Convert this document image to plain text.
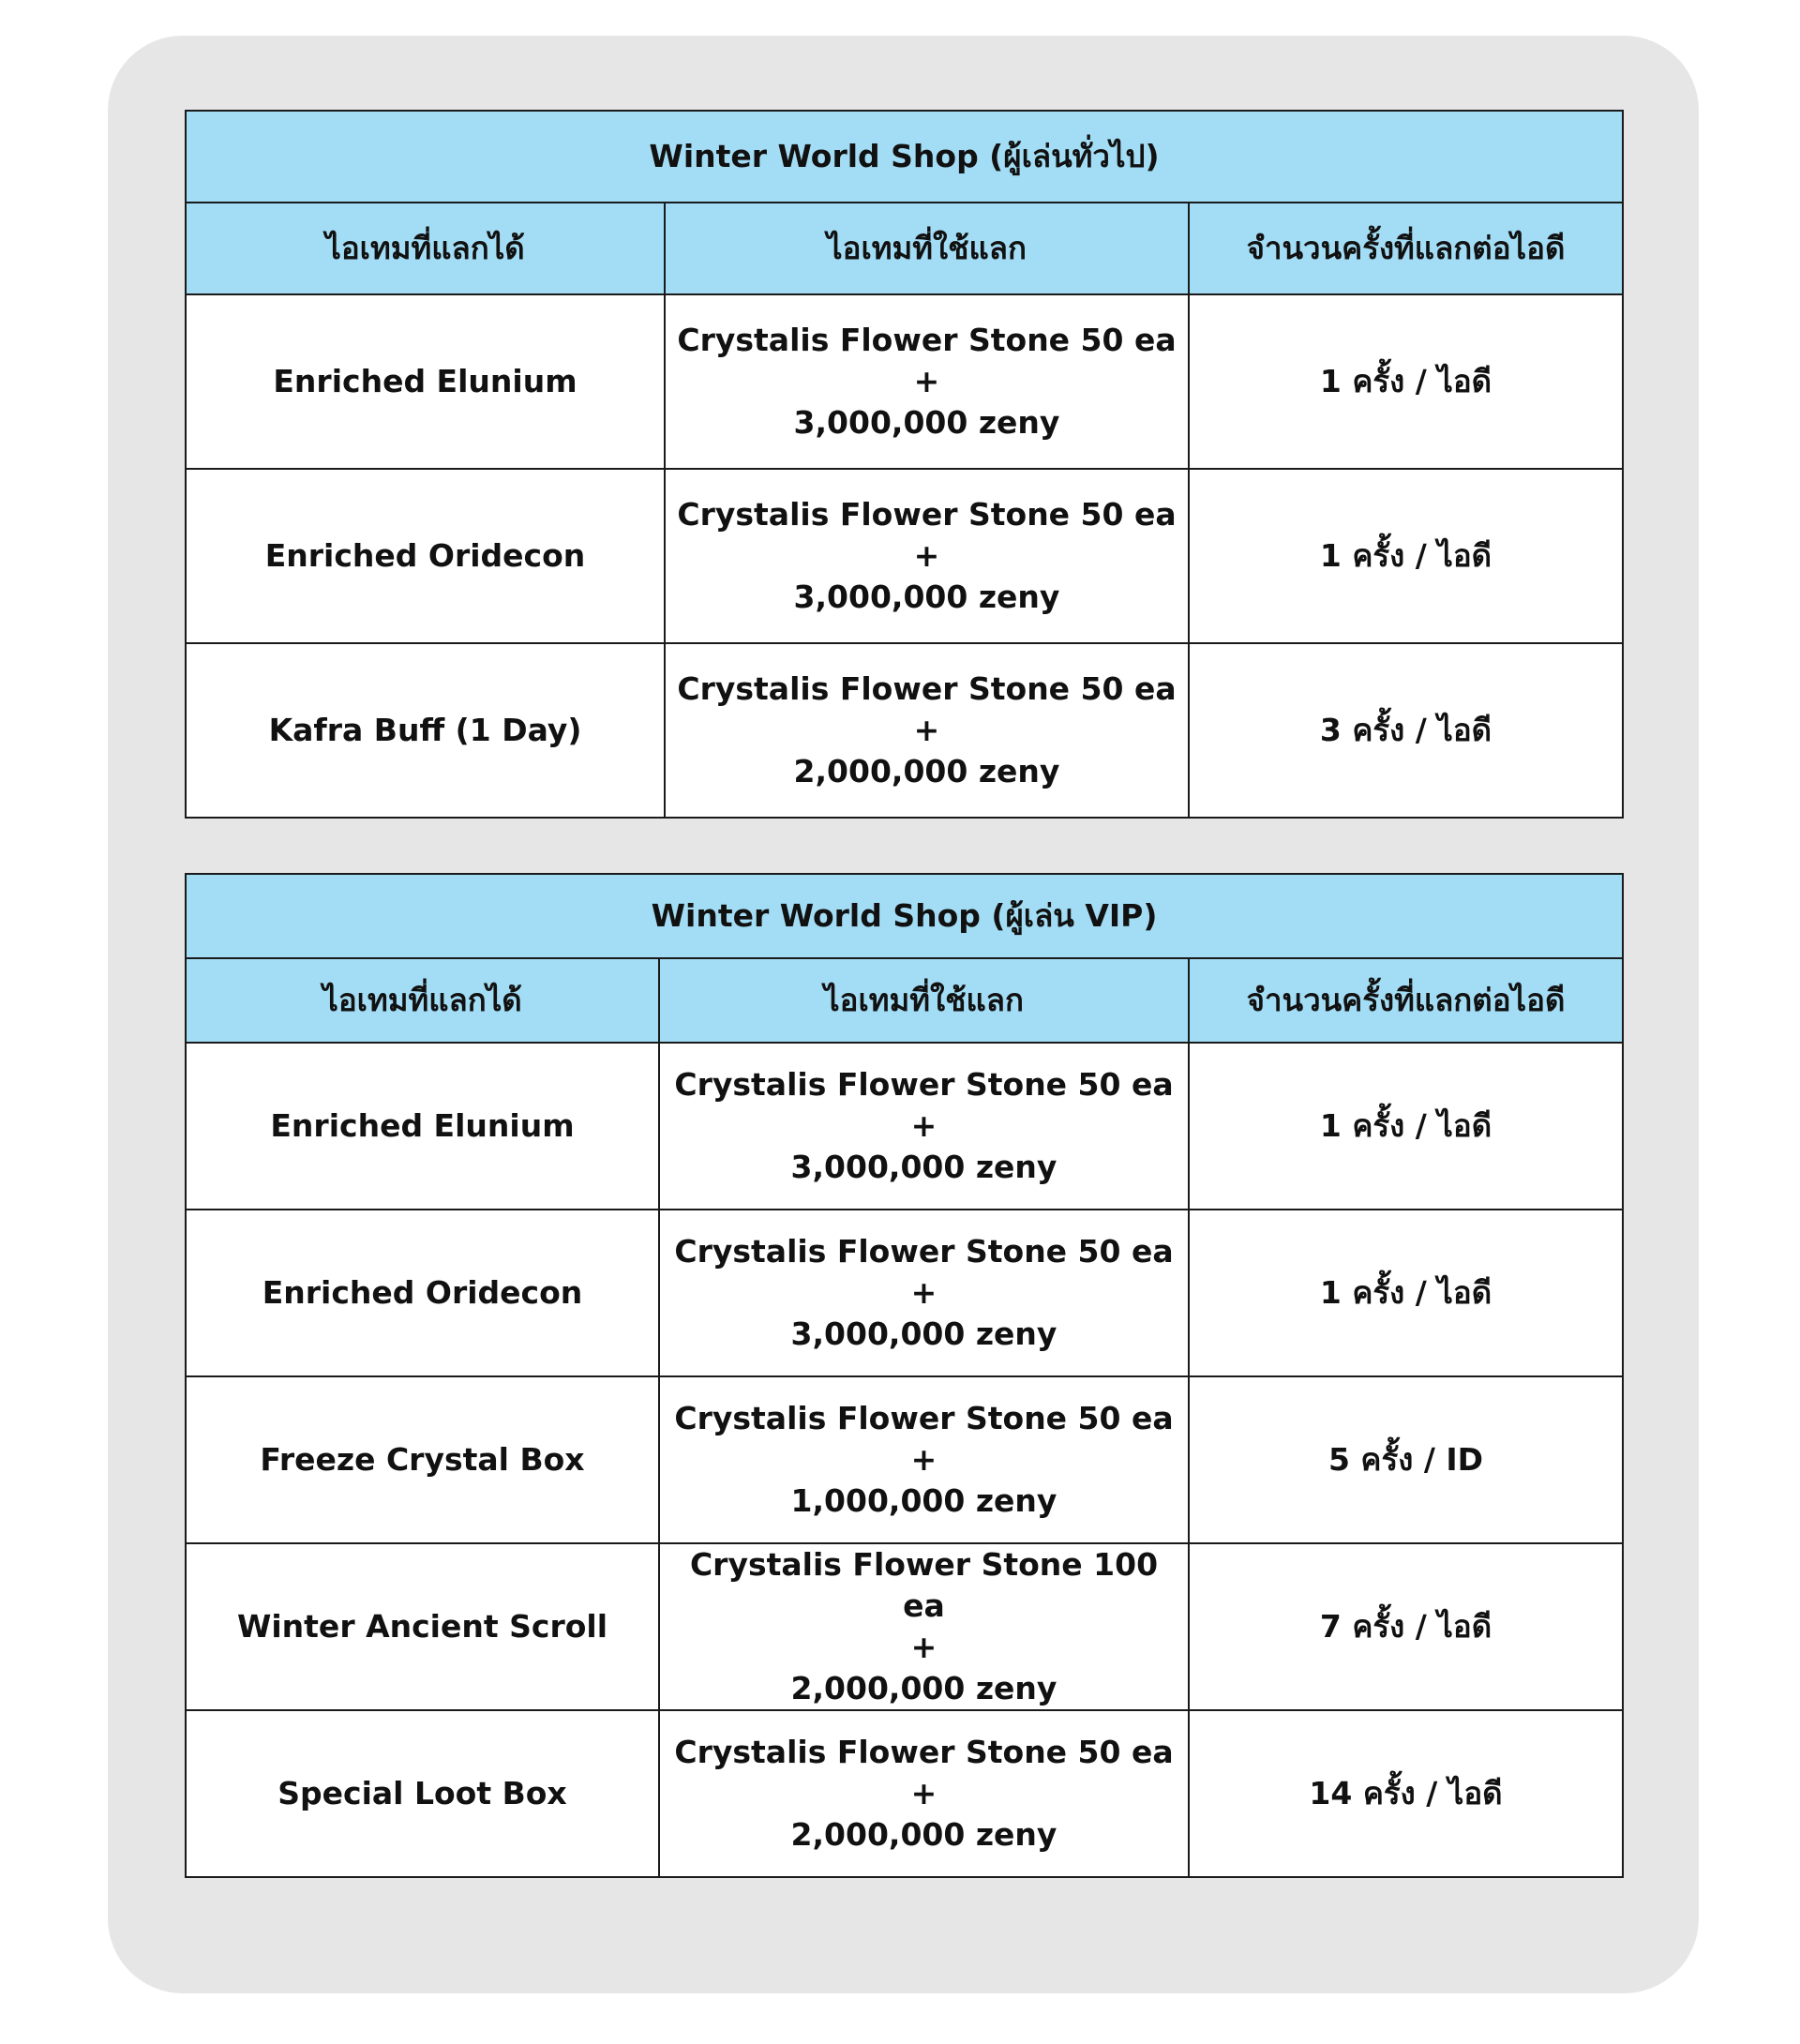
Winter World Shop (ผู้เล่นทั่วไป)		
ไอเทมที่แลกได้	ไอเทมที่ใช้แลก	จำนวนครั้งที่แลกต่อไอดี
Enriched Elunium	Crystalis Flower Stone 50 ea
+
3,000,000 zeny	1 ครั้ง / ไอดี
Enriched Oridecon	Crystalis Flower Stone 50 ea
+
3,000,000 zeny	1 ครั้ง / ไอดี
Kafra Buff (1 Day)	Crystalis Flower Stone 50 ea
+
2,000,000 zeny	3 ครั้ง / ไอดี
Winter World Shop (ผู้เล่น VIP)		
ไอเทมที่แลกได้	ไอเทมที่ใช้แลก	จำนวนครั้งที่แลกต่อไอดี
Enriched Elunium	Crystalis Flower Stone 50 ea
+
3,000,000 zeny	1 ครั้ง / ไอดี
Enriched Oridecon	Crystalis Flower Stone 50 ea
+
3,000,000 zeny	1 ครั้ง / ไอดี
Freeze Crystal Box	Crystalis Flower Stone 50 ea
+
1,000,000 zeny	5 ครั้ง / ID
Winter Ancient Scroll	Crystalis Flower Stone 100 ea
+
2,000,000 zeny	7 ครั้ง / ไอดี
Special Loot Box	Crystalis Flower Stone 50 ea
+
2,000,000 zeny	14 ครั้ง / ไอดี
